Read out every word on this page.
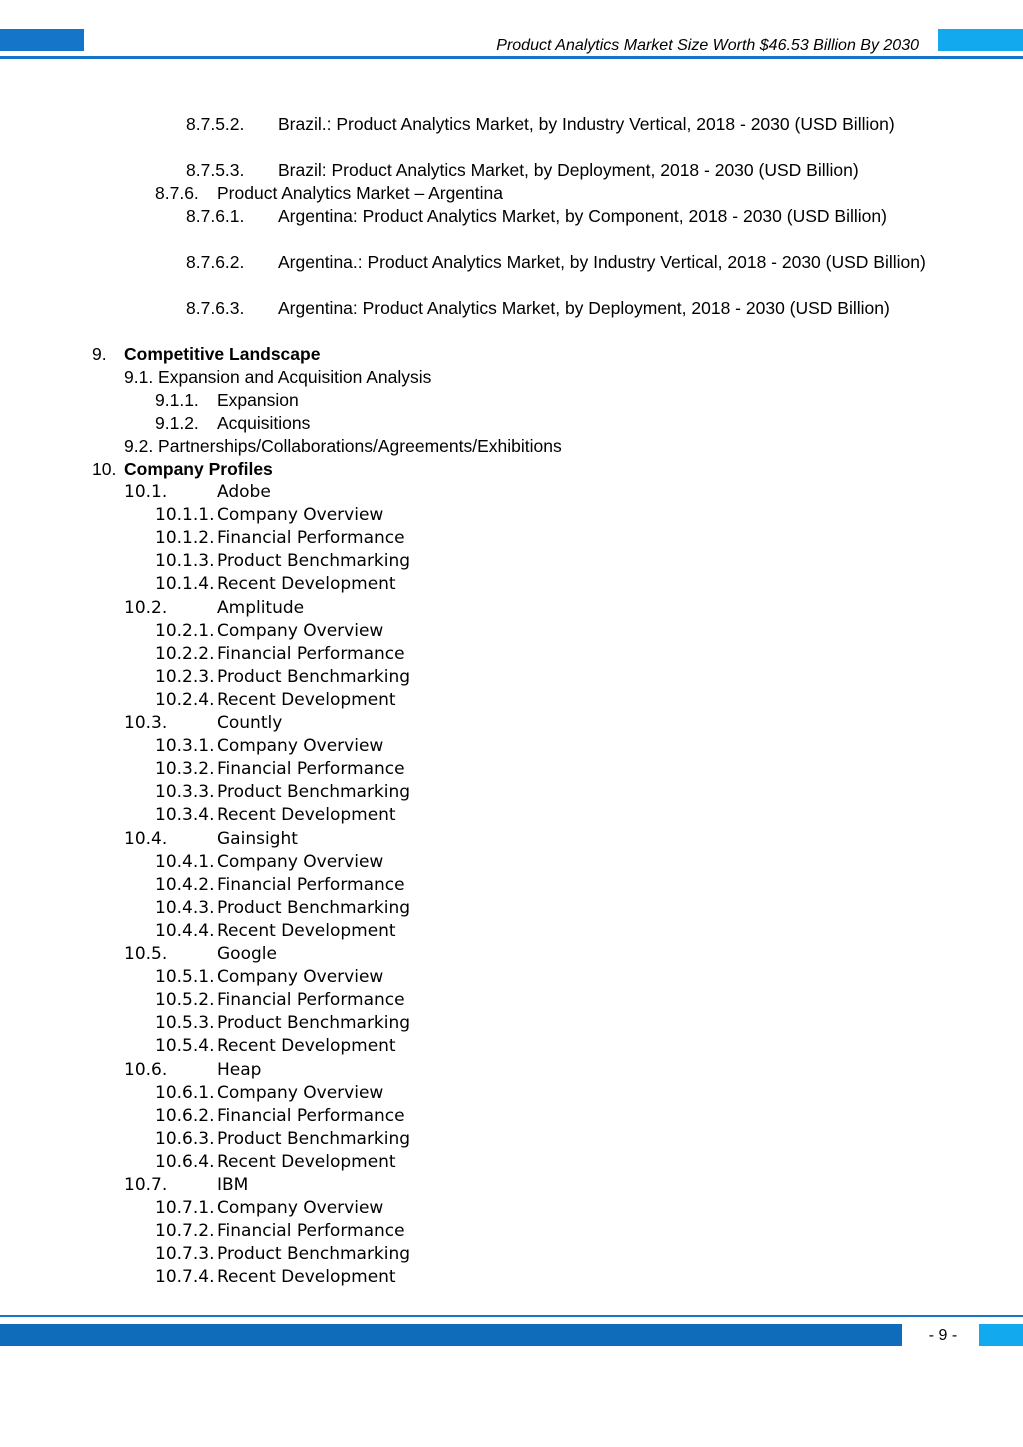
Product Analytics Market Size Worth $46.53 Billion By 2030
8.7.5.2. Brazil.: Product Analytics Market, by Industry Vertical, 2018 - 2030 (USD Billion)
8.7.5.3. Brazil: Product Analytics Market, by Deployment, 2018 - 2030 (USD Billion)
8.7.6. Product Analytics Market – Argentina
8.7.6.1. Argentina: Product Analytics Market, by Component, 2018 - 2030 (USD Billion)
8.7.6.2. Argentina.: Product Analytics Market, by Industry Vertical, 2018 - 2030 (USD Billion)
8.7.6.3. Argentina: Product Analytics Market, by Deployment, 2018 - 2030 (USD Billion)
9. Competitive Landscape
9.1. Expansion and Acquisition Analysis
9.1.1. Expansion
9.1.2. Acquisitions
9.2. Partnerships/Collaborations/Agreements/Exhibitions
10. Company Profiles
10.1.	Adobe
10.1.1. Company Overview
10.1.2. Financial Performance
10.1.3. Product Benchmarking
10.1.4. Recent Development
10.2.	Amplitude
10.2.1. Company Overview
10.2.2. Financial Performance
10.2.3. Product Benchmarking
10.2.4. Recent Development
10.3.	Countly
10.3.1. Company Overview
10.3.2. Financial Performance
10.3.3. Product Benchmarking
10.3.4. Recent Development
10.4.	Gainsight
10.4.1. Company Overview
10.4.2. Financial Performance
10.4.3. Product Benchmarking
10.4.4. Recent Development
10.5.	Google
10.5.1. Company Overview
10.5.2. Financial Performance
10.5.3. Product Benchmarking
10.5.4. Recent Development
10.6.	Heap
10.6.1. Company Overview
10.6.2. Financial Performance
10.6.3. Product Benchmarking
10.6.4. Recent Development
10.7.	IBM
10.7.1. Company Overview
10.7.2. Financial Performance
10.7.3. Product Benchmarking
10.7.4. Recent Development
- 9 -
